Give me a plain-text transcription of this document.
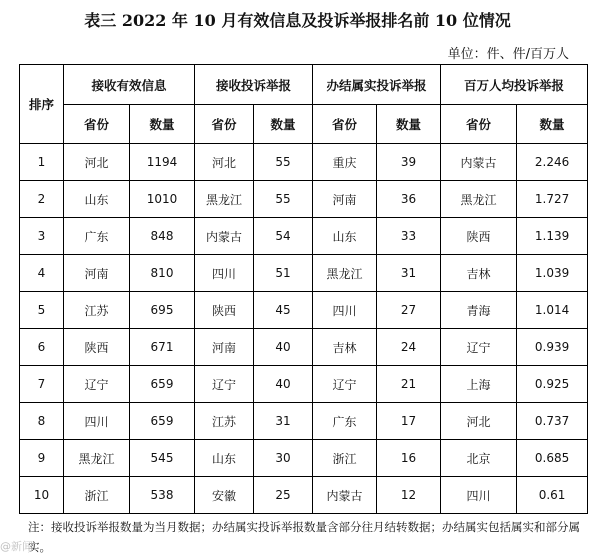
表三 2022 年 10 月有效信息及投诉举报排名前 10 位情况
单位：件、件/百万人
排序	接收有效信息		接收投诉举报		办结属实投诉举报		百万人均投诉举报	
	省份	数量	省份	数量	省份	数量	省份	数量
1	河北	1194	河北	55	重庆	39	内蒙古	2.246
2	山东	1010	黑龙江	55	河南	36	黑龙江	1.727
3	广东	848	内蒙古	54	山东	33	陕西	1.139
4	河南	810	四川	51	黑龙江	31	吉林	1.039
5	江苏	695	陕西	45	四川	27	青海	1.014
6	陕西	671	河南	40	吉林	24	辽宁	0.939
7	辽宁	659	辽宁	40	辽宁	21	上海	0.925
8	四川	659	江苏	31	广东	17	河北	0.737
9	黑龙江	545	山东	30	浙江	16	北京	0.685
10	浙江	538	安徽	25	内蒙古	12	四川	0.61
注：接收投诉举报数量为当月数据；办结属实投诉举报数量含部分往月结转数据；办结属实包括属实和部分属实。
@新闻
